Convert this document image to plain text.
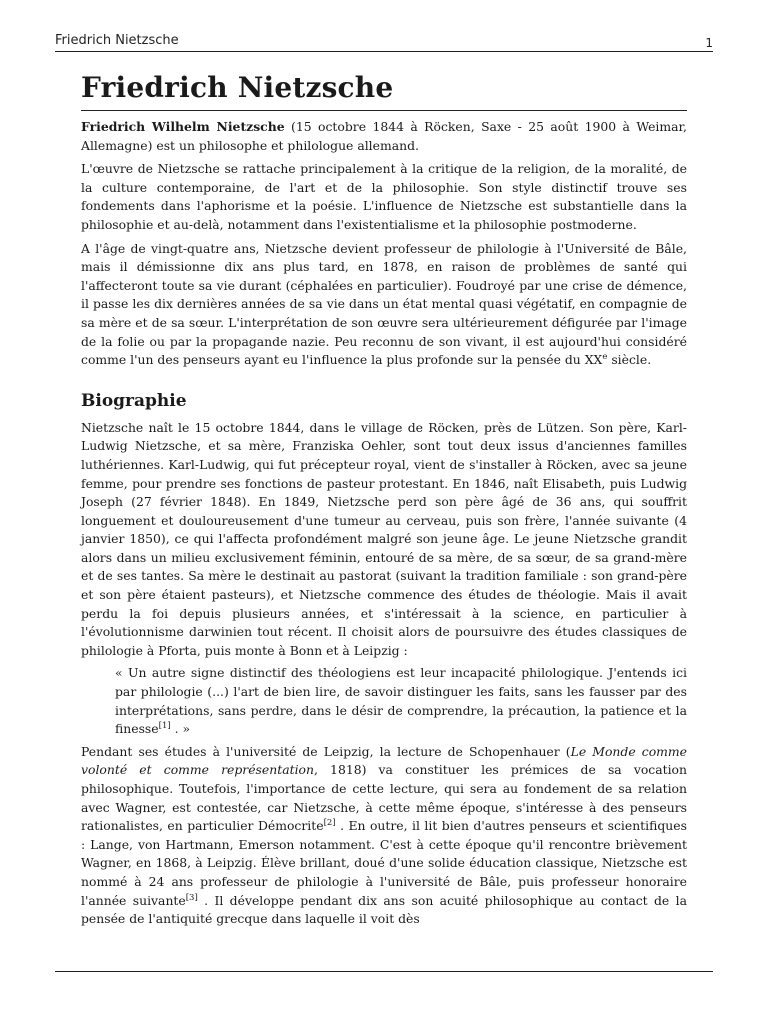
Friedrich Nietzsche	1
Friedrich Nietzsche

Friedrich Wilhelm Nietzsche (15 octobre 1844 à Röcken, Saxe - 25 août 1900 à Weimar, Allemagne) est un philosophe et philologue allemand.

L'œuvre de Nietzsche se rattache principalement à la critique de la religion, de la moralité, de la culture contemporaine, de l'art et de la philosophie. Son style distinctif trouve ses fondements dans l'aphorisme et la poésie. L'influence de Nietzsche est substantielle dans la philosophie et au-delà, notamment dans l'existentialisme et la philosophie postmoderne.

A l'âge de vingt-quatre ans, Nietzsche devient professeur de philologie à l'Université de Bâle, mais il démissionne dix ans plus tard, en 1878, en raison de problèmes de santé qui l'affecteront toute sa vie durant (céphalées en particulier). Foudroyé par une crise de démence, il passe les dix dernières années de sa vie dans un état mental quasi végétatif, en compagnie de sa mère et de sa sœur. L'interprétation de son œuvre sera ultérieurement défigurée par l'image de la folie ou par la propagande nazie. Peu reconnu de son vivant, il est aujourd'hui considéré comme l'un des penseurs ayant eu l'influence la plus profonde sur la pensée du XXe siècle.

Biographie

Nietzsche naît le 15 octobre 1844, dans le village de Röcken, près de Lützen. Son père, Karl-Ludwig Nietzsche, et sa mère, Franziska Oehler, sont tout deux issus d'anciennes familles luthériennes. Karl-Ludwig, qui fut précepteur royal, vient de s'installer à Röcken, avec sa jeune femme, pour prendre ses fonctions de pasteur protestant. En 1846, naît Elisabeth, puis Ludwig Joseph (27 février 1848). En 1849, Nietzsche perd son père âgé de 36 ans, qui souffrit longuement et douloureusement d'une tumeur au cerveau, puis son frère, l'année suivante (4 janvier 1850), ce qui l'affecta profondément malgré son jeune âge. Le jeune Nietzsche grandit alors dans un milieu exclusivement féminin, entouré de sa mère, de sa sœur, de sa grand-mère et de ses tantes. Sa mère le destinait au pastorat (suivant la tradition familiale : son grand-père et son père étaient pasteurs), et Nietzsche commence des études de théologie. Mais il avait perdu la foi depuis plusieurs années, et s'intéressait à la science, en particulier à l'évolutionnisme darwinien tout récent. Il choisit alors de poursuivre des études classiques de philologie à Pforta, puis monte à Bonn et à Leipzig :

« Un autre signe distinctif des théologiens est leur incapacité philologique. J'entends ici par philologie (...) l'art de bien lire, de savoir distinguer les faits, sans les fausser par des interprétations, sans perdre, dans le désir de comprendre, la précaution, la patience et la finesse[1] . »

Pendant ses études à l'université de Leipzig, la lecture de Schopenhauer (Le Monde comme volonté et comme représentation, 1818) va constituer les prémices de sa vocation philosophique. Toutefois, l'importance de cette lecture, qui sera au fondement de sa relation avec Wagner, est contestée, car Nietzsche, à cette même époque, s'intéresse à des penseurs rationalistes, en particulier Démocrite[2] . En outre, il lit bien d'autres penseurs et scientifiques : Lange, von Hartmann, Emerson notamment. C'est à cette époque qu'il rencontre brièvement Wagner, en 1868, à Leipzig. Élève brillant, doué d'une solide éducation classique, Nietzsche est nommé à 24 ans professeur de philologie à l'université de Bâle, puis professeur honoraire l'année suivante[3] . Il développe pendant dix ans son acuité philosophique au contact de la pensée de l'antiquité grecque dans laquelle il voit dès
